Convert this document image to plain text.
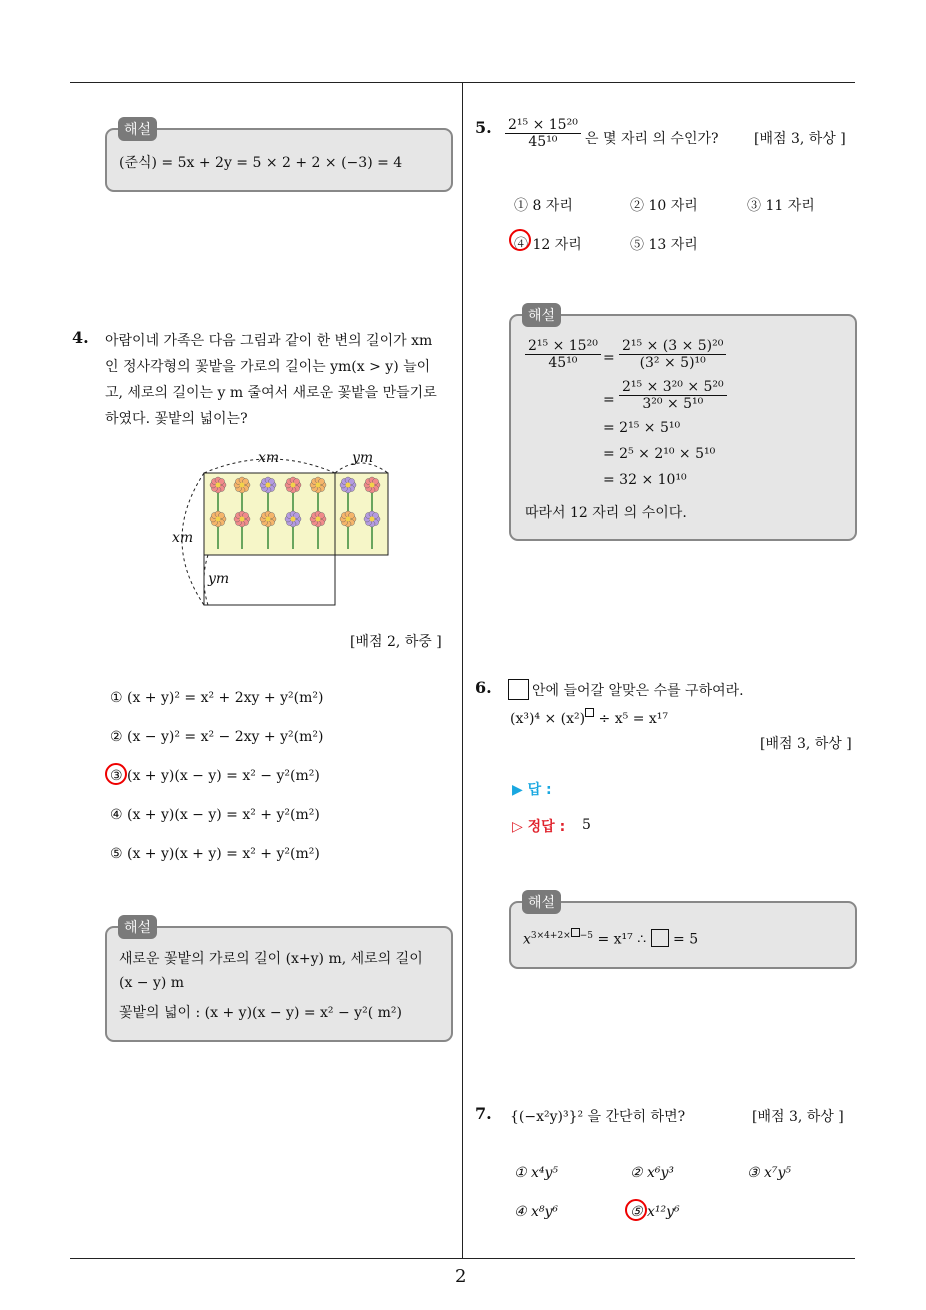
2
(준식) = 5x + 2y = 5 × 2 + 2 × (−3) = 4
해설
4. 아람이네 가족은 다음 그림과 같이 한 변의 길이가 xm
인 정사각형의 꽃밭을 가로의 길이는 ym(x > y) 늘이
고, 세로의 길이는 y m 줄여서 새로운 꽃밭을 만들기로
하였다. 꽃밭의 넓이는?
xm	ym
xm
ym
[배점 2, 하중 ]
① (x + y)² = x² + 2xy + y²(m²)
② (x − y)² = x² − 2xy + y²(m²)
③ (x + y)(x − y) = x² − y²(m²)
④ (x + y)(x − y) = x² + y²(m²)
⑤ (x + y)(x + y) = x² + y²(m²)
새로운 꽃밭의 가로의 길이 (x+y) m, 세로의 길이
(x − y) m
꽃밭의 넓이 : (x + y)(x − y) = x² − y²( m²)
해설
5. $\frac{\text{2¹⁵ × 15²⁰}}{\text{45¹⁰}}$ 은 몇 자리 의 수인가?	[배점 3, 하상 ]
① 8 자리	② 10 자리	③ 11 자리
④ 12 자리	⑤ 13 자리
$\frac{\text{2¹⁵ × 15²⁰}}{\text{45¹⁰}} = \frac{\text{2¹⁵ × (3 × 5)²⁰}}{\text{(3² × 5)¹⁰}}$
= $\frac{\text{2¹⁵ × 3²⁰ × 5²⁰}}{\text{3²⁰ × 5¹⁰}}$
= 2¹⁵ × 5¹⁰
= 2⁵ × 2¹⁰ × 5¹⁰
= 32 × 10¹⁰
따라서 12 자리 의 수이다.
해설
6.	안에 들어갈 알맞은 수를 구하여라.
(x³)⁴ × (x²) ÷ x⁵ = x¹⁷
[배점 3, 하상 ]
▶ 답 :
▷ 정답 : 5
$x^{3\times 4+2\times -5} = x^{17}$ ∴  = 5
해설
7. {(−x²y)³}² 을 간단히 하면?	[배점 3, 하상 ]
① x⁴y⁵	② x⁶y³	③ x⁷y⁵
④ x⁸y⁶	⑤ x¹²y⁶
